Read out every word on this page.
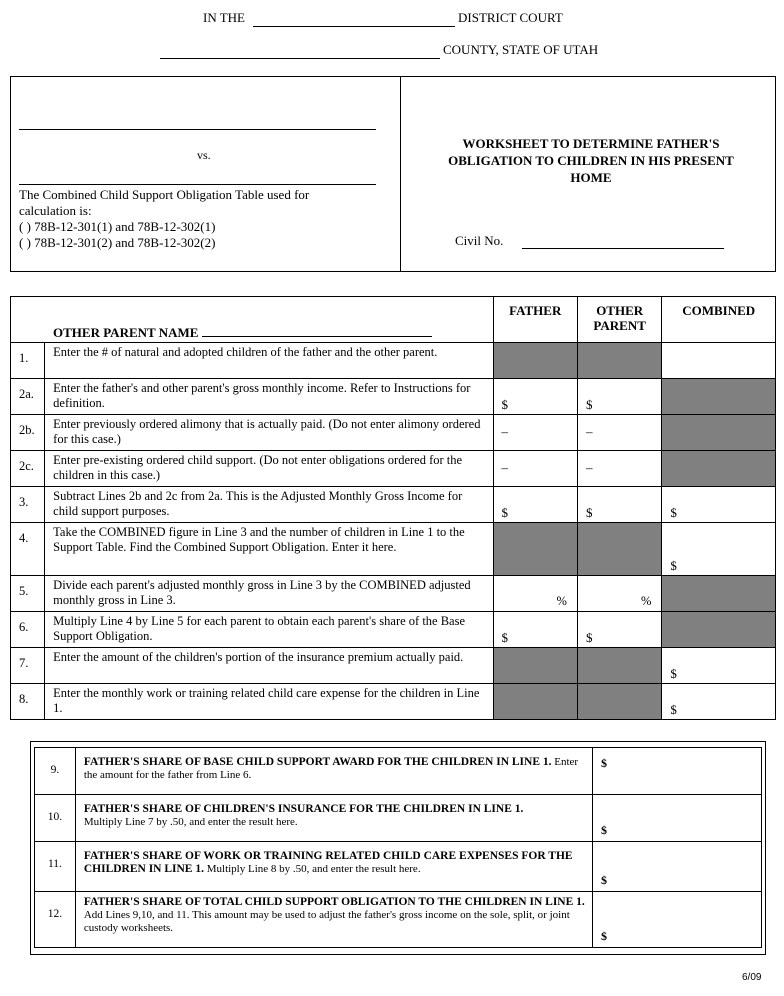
IN THE	DISTRICT COURT
COUNTY, STATE OF UTAH
vs.
The Combined Child Support Obligation Table used for calculation is:
( ) 78B-12-301(1) and 78B-12-302(1)
( ) 78B-12-301(2) and 78B-12-302(2)
WORKSHEET TO DETERMINE FATHER'S OBLIGATION TO CHILDREN IN HIS PRESENT HOME
Civil No.
OTHER PARENT NAME		FATHER	OTHER PARENT	COMBINED
1.	Enter the # of natural and adopted children of the father and the other parent.			
2a.	Enter the father's and other parent's gross monthly income. Refer to Instructions for definition.	$	$	
2b.	Enter previously ordered alimony that is actually paid. (Do not enter alimony ordered for this case.)	–	–	
2c.	Enter pre-existing ordered child support. (Do not enter obligations ordered for the children in this case.)	–	–	
3.	Subtract Lines 2b and 2c from 2a. This is the Adjusted Monthly Gross Income for child support purposes.	$	$	$
4.	Take the COMBINED figure in Line 3 and the number of children in Line 1 to the Support Table. Find the Combined Support Obligation. Enter it here.			$
5.	Divide each parent's adjusted monthly gross in Line 3 by the COMBINED adjusted monthly gross in Line 3.	%	%	
6.	Multiply Line 4 by Line 5 for each parent to obtain each parent's share of the Base Support Obligation.	$	$	
7.	Enter the amount of the children's portion of the insurance premium actually paid.			$
8.	Enter the monthly work or training related child care expense for the children in Line 1.			$
9.	FATHER'S SHARE OF BASE CHILD SUPPORT AWARD FOR THE CHILDREN IN LINE 1. Enter the amount for the father from Line 6.	$
10.	FATHER'S SHARE OF CHILDREN'S INSURANCE FOR THE CHILDREN IN LINE 1.
Multiply Line 7 by .50, and enter the result here.	$
11.	FATHER'S SHARE OF WORK OR TRAINING RELATED CHILD CARE EXPENSES FOR THE CHILDREN IN LINE 1. Multiply Line 8 by .50, and enter the result here.	$
12.	FATHER'S SHARE OF TOTAL CHILD SUPPORT OBLIGATION TO THE CHILDREN IN LINE 1. Add Lines 9,10, and 11. This amount may be used to adjust the father's gross income on the sole, split, or joint custody worksheets.	$
6/09
